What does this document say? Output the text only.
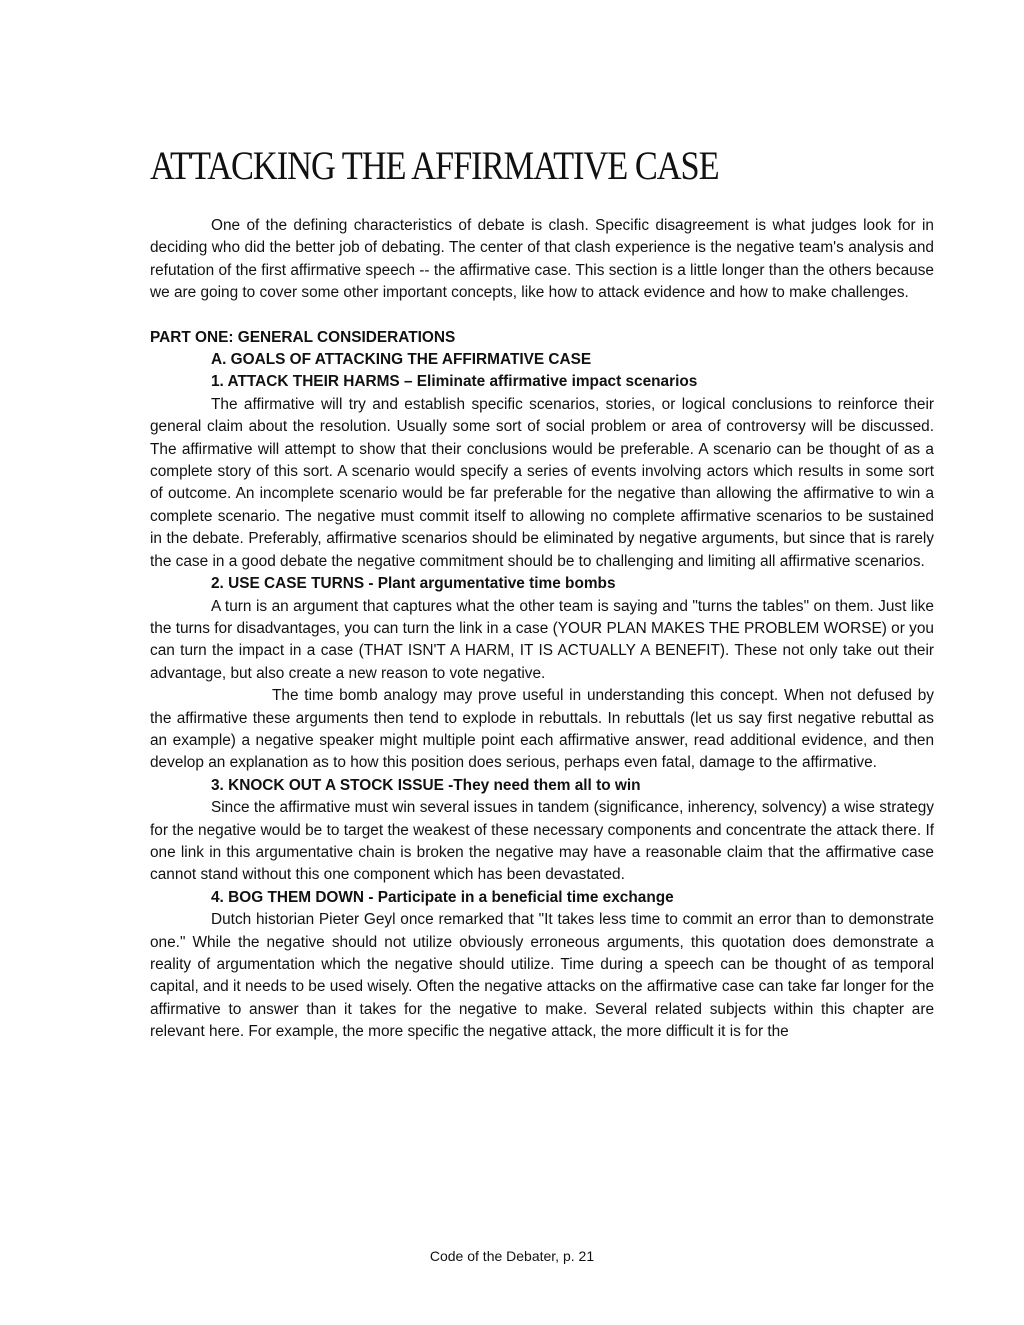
ATTACKING THE AFFIRMATIVE CASE

One of the defining characteristics of debate is clash. Specific disagreement is what judges look for in deciding who did the better job of debating. The center of that clash experience is the negative team's analysis and refutation of the first affirmative speech -- the affirmative case. This section is a little longer than the others because we are going to cover some other important concepts, like how to attack evidence and how to make challenges.

PART ONE: GENERAL CONSIDERATIONS
A. GOALS OF ATTACKING THE AFFIRMATIVE CASE
1. ATTACK THEIR HARMS – Eliminate affirmative impact scenarios

The affirmative will try and establish specific scenarios, stories, or logical conclusions to reinforce their general claim about the resolution. Usually some sort of social problem or area of controversy will be discussed. The affirmative will attempt to show that their conclusions would be preferable. A scenario can be thought of as a complete story of this sort. A scenario would specify a series of events involving actors which results in some sort of outcome. An incomplete scenario would be far preferable for the negative than allowing the affirmative to win a complete scenario. The negative must commit itself to allowing no complete affirmative scenarios to be sustained in the debate. Preferably, affirmative scenarios should be eliminated by negative arguments, but since that is rarely the case in a good debate the negative commitment should be to challenging and limiting all affirmative scenarios.

2. USE CASE TURNS - Plant argumentative time bombs

A turn is an argument that captures what the other team is saying and "turns the tables" on them. Just like the turns for disadvantages, you can turn the link in a case (YOUR PLAN MAKES THE PROBLEM WORSE) or you can turn the impact in a case (THAT ISN'T A HARM, IT IS ACTUALLY A BENEFIT). These not only take out their advantage, but also create a new reason to vote negative.

The time bomb analogy may prove useful in understanding this concept. When not defused by the affirmative these arguments then tend to explode in rebuttals. In rebuttals (let us say first negative rebuttal as an example) a negative speaker might multiple point each affirmative answer, read additional evidence, and then develop an explanation as to how this position does serious, perhaps even fatal, damage to the affirmative.

3. KNOCK OUT A STOCK ISSUE -They need them all to win

Since the affirmative must win several issues in tandem (significance, inherency, solvency) a wise strategy for the negative would be to target the weakest of these necessary components and concentrate the attack there. If one link in this argumentative chain is broken the negative may have a reasonable claim that the affirmative case cannot stand without this one component which has been devastated.

4. BOG THEM DOWN - Participate in a beneficial time exchange

Dutch historian Pieter Geyl once remarked that "It takes less time to commit an error than to demonstrate one." While the negative should not utilize obviously erroneous arguments, this quotation does demonstrate a reality of argumentation which the negative should utilize. Time during a speech can be thought of as temporal capital, and it needs to be used wisely. Often the negative attacks on the affirmative case can take far longer for the affirmative to answer than it takes for the negative to make. Several related subjects within this chapter are relevant here. For example, the more specific the negative attack, the more difficult it is for the

Code of the Debater, p. 21
